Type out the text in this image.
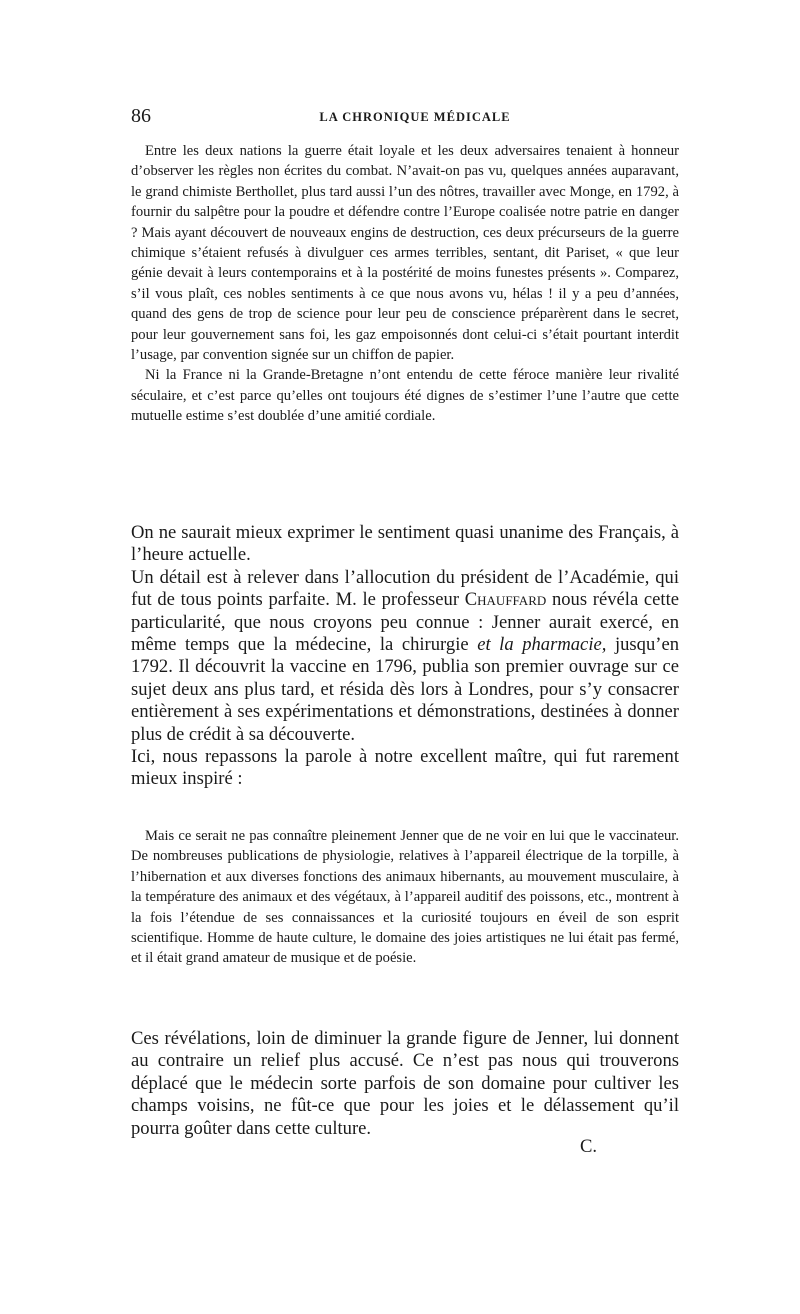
86	LA CHRONIQUE MÉDICALE

Entre les deux nations la guerre était loyale et les deux adversaires tenaient à honneur d’observer les règles non écrites du combat. N’avait-on pas vu, quelques années auparavant, le grand chimiste Berthollet, plus tard aussi l’un des nôtres, travailler avec Monge, en 1792, à fournir du salpêtre pour la poudre et défendre contre l’Europe coalisée notre patrie en danger ? Mais ayant découvert de nouveaux engins de destruction, ces deux précurseurs de la guerre chimique s’étaient refusés à divulguer ces armes terribles, sentant, dit Pariset, « que leur génie devait à leurs contemporains et à la postérité de moins funestes présents ». Comparez, s’il vous plaît, ces nobles sentiments à ce que nous avons vu, hélas ! il y a peu d’années, quand des gens de trop de science pour leur peu de conscience préparèrent dans le secret, pour leur gouvernement sans foi, les gaz empoisonnés dont celui-ci s’était pourtant interdit l’usage, par convention signée sur un chiffon de papier.

Ni la France ni la Grande-Bretagne n’ont entendu de cette féroce manière leur rivalité séculaire, et c’est parce qu’elles ont toujours été dignes de s’estimer l’une l’autre que cette mutuelle estime s’est doublée d’une amitié cordiale.

On ne saurait mieux exprimer le sentiment quasi unanime des Français, à l’heure actuelle.

Un détail est à relever dans l’allocution du président de l’Académie, qui fut de tous points parfaite. M. le professeur Chauffard nous révéla cette particularité, que nous croyons peu connue : Jenner aurait exercé, en même temps que la médecine, la chirurgie et la pharmacie, jusqu’en 1792. Il découvrit la vaccine en 1796, publia son premier ouvrage sur ce sujet deux ans plus tard, et résida dès lors à Londres, pour s’y consacrer entièrement à ses expérimentations et démonstrations, destinées à donner plus de crédit à sa découverte.

Ici, nous repassons la parole à notre excellent maître, qui fut rarement mieux inspiré :

Mais ce serait ne pas connaître pleinement Jenner que de ne voir en lui que le vaccinateur. De nombreuses publications de physiologie, relatives à l’appareil électrique de la torpille, à l’hibernation et aux diverses fonctions des animaux hibernants, au mouvement musculaire, à la température des animaux et des végétaux, à l’appareil auditif des poissons, etc., montrent à la fois l’étendue de ses connaissances et la curiosité toujours en éveil de son esprit scientifique. Homme de haute culture, le domaine des joies artistiques ne lui était pas fermé, et il était grand amateur de musique et de poésie.

Ces révélations, loin de diminuer la grande figure de Jenner, lui donnent au contraire un relief plus accusé. Ce n’est pas nous qui trouverons déplacé que le médecin sorte parfois de son domaine pour cultiver les champs voisins, ne fût-ce que pour les joies et le délassement qu’il pourra goûter dans cette culture.

C.
